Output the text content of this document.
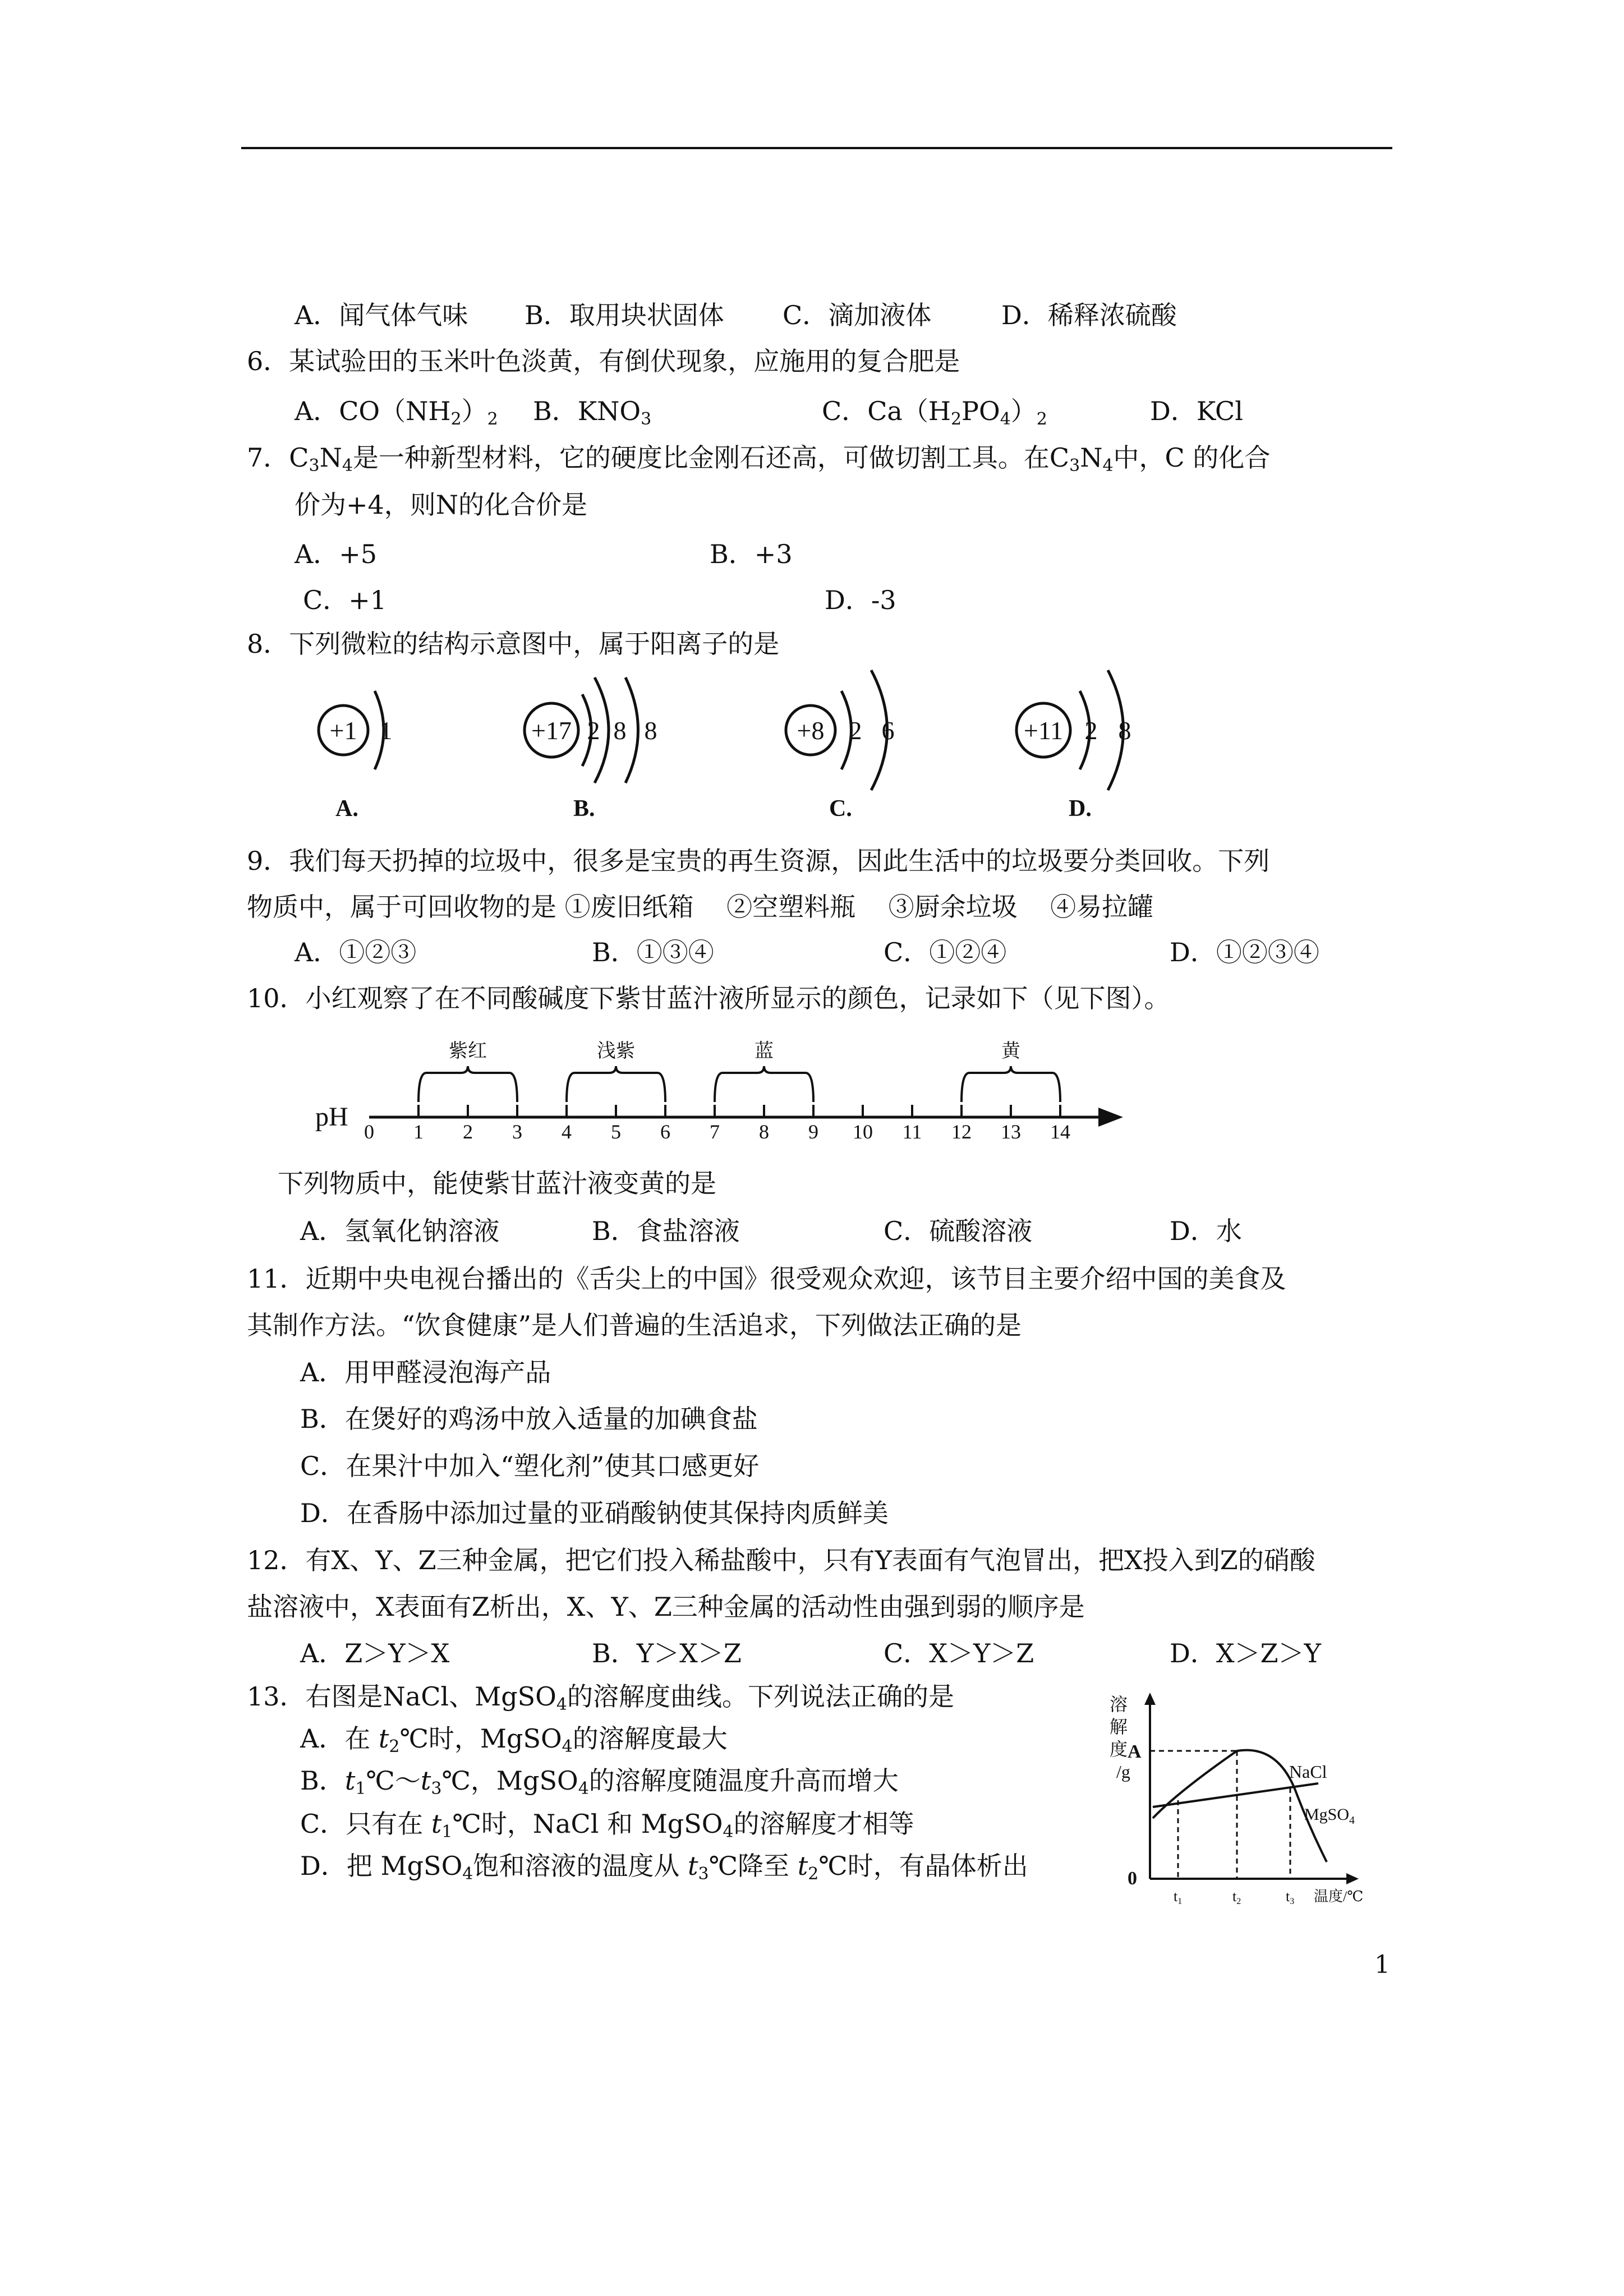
A．闻气体气味 B．取用块状固体 C．滴加液体	D．稀释浓硫酸
6．某试验田的玉米叶色淡黄，有倒伏现象，应施用的复合肥是
A．$CO(NH_2)_2$ B．$KNO_3$	C．$Ca(H_2PO_4)_2$	D．KCl
7．$C_3N_4$是一种新型材料，它的硬度比金刚石还高，可做切割工具。在$C_3N_4$中，C 的化合
价为+4，则N的化合价是
A．+5	B．+3
C．+1	D．-3
8．下列微粒的结构示意图中，属于阳离子的是
+1 1	+17 2 8 8	+8 2 6	+11 2 8
A.	B.	C.	D.
9．我们每天扔掉的垃圾中，很多是宝贵的再生资源，因此生活中的垃圾要分类回收。下列
物质中，属于可回收物的是 ①废旧纸箱    ②空塑料瓶    ③厨余垃圾    ④易拉罐
A．①②③	B．①③④	C．①②④	D．①②③④
10．小红观察了在不同酸碱度下紫甘蓝汁液所显示的颜色，记录如下（见下图）。
pH 0 1 2 3 4 5 6 7 8 9 10 11 12 13 14
紫红	浅紫	蓝	黄
下列物质中，能使紫甘蓝汁液变黄的是
A．氢氧化钠溶液	B．食盐溶液	C．硫酸溶液	D．水
11．近期中央电视台播出的《舌尖上的中国》很受观众欢迎，该节目主要介绍中国的美食及
其制作方法。“饮食健康”是人们普遍的生活追求，下列做法正确的是
A．用甲醛浸泡海产品
B．在煲好的鸡汤中放入适量的加碘食盐
C．在果汁中加入“塑化剂”使其口感更好
D．在香肠中添加过量的亚硝酸钠使其保持肉质鲜美
12．有X、Y、Z三种金属，把它们投入稀盐酸中，只有Y表面有气泡冒出，把X投入到Z的硝酸
盐溶液中，X表面有Z析出，X、Y、Z三种金属的活动性由强到弱的顺序是
A．Z＞Y＞X	B．Y＞X＞Z	C．X＞Y＞Z	D．X＞Z＞Y
13．右图是NaCl、MgSO$_4$的溶解度曲线。下列说法正确的是
A．在 $t_2℃$时，MgSO$_4$的溶解度最大
B．$t_1℃\sim t_3℃$，MgSO$_4$的溶解度随温度升高而增大
C．只有在 $t_1℃$时，NaCl 和 MgSO$_4$的溶解度才相等
D．把 MgSO$_4$饱和溶液的温度从 $t_3℃$降至 $t_2℃$时，有晶体析出
溶
解
度
/g
A
0
NaCl
MgSO$_4$
t1	t2	t3 温度/℃
1
